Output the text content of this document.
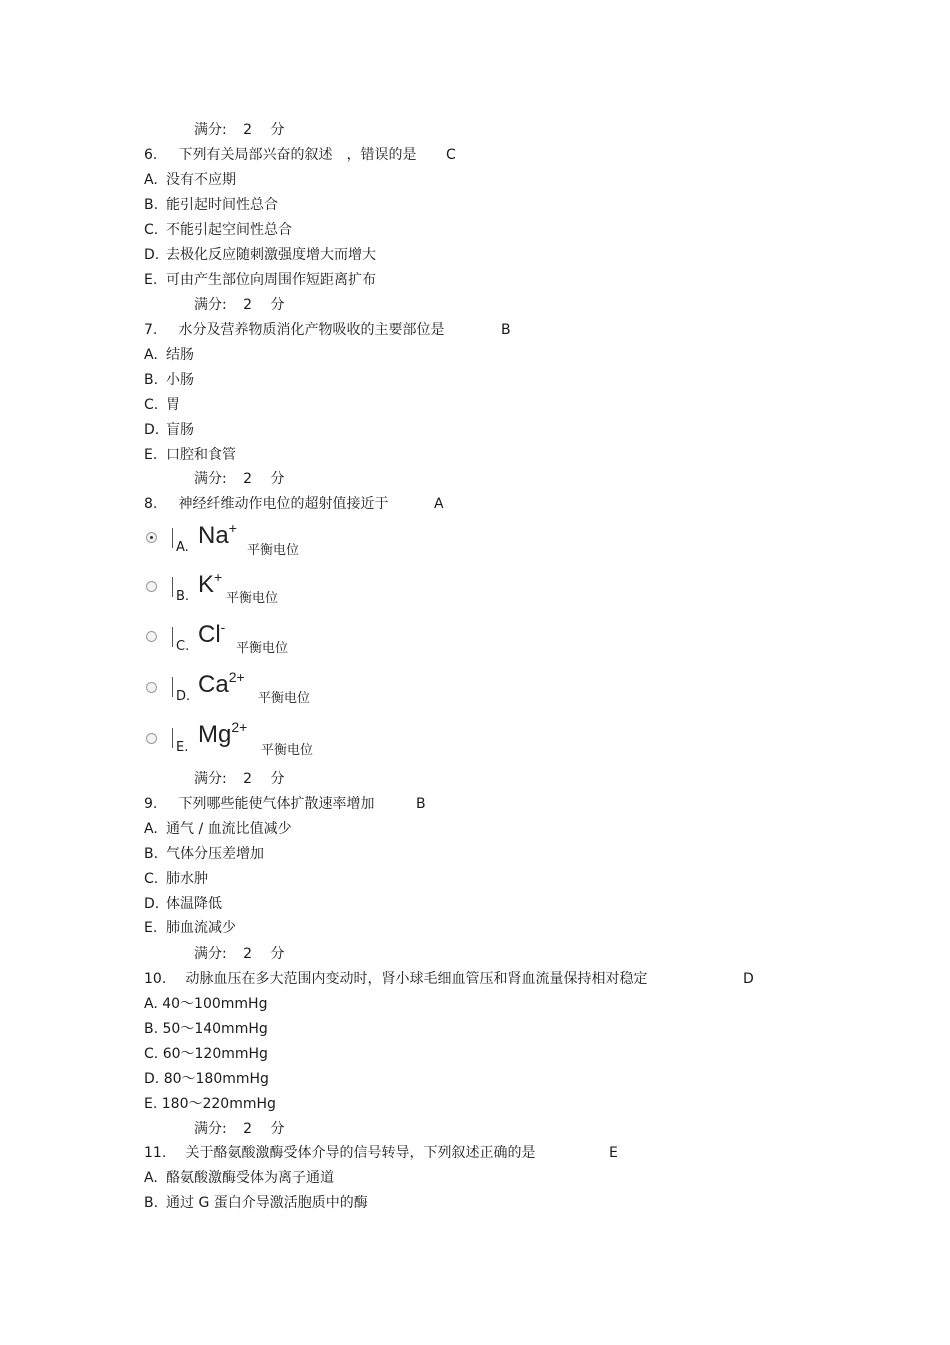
满分: 2 分
6. 下列有关局部兴奋的叙述　，错误的是 C
A. 没有不应期
B. 能引起时间性总合
C. 不能引起空间性总合
D. 去极化反应随刺激强度增大而增大
E. 可由产生部位向周围作短距离扩布
满分: 2 分
7. 水分及营养物质消化产物吸收的主要部位是	B
A. 结肠
B. 小肠
C. 胃
D. 盲肠
E. 口腔和食管
满分: 2 分
8. 神经纤维动作电位的超射值接近于	A
A. Na+
平衡电位
B. K+
平衡电位
C. Cl-
平衡电位
D. $Ca^{2+}$
平衡电位
E. $Mg^{2+}$
平衡电位
满分: 2 分
9. 下列哪些能使气体扩散速率增加	B
A. 通气 / 血流比值减少
B. 气体分压差增加
C. 肺水肿
D. 体温降低
E. 肺血流减少
满分: 2 分
10. 动脉血压在多大范围内变动时，肾小球毛细血管压和肾血流量保持相对稳定	D
A. 40～100mmHg
B. 50～140mmHg
C. 60～120mmHg
D. 80～180mmHg
E. 180～220mmHg
满分: 2 分
11. 关于酪氨酸激酶受体介导的信号转导，下列叙述正确的是	E
A. 酪氨酸激酶受体为离子通道
B. 通过 G 蛋白介导激活胞质中的酶
